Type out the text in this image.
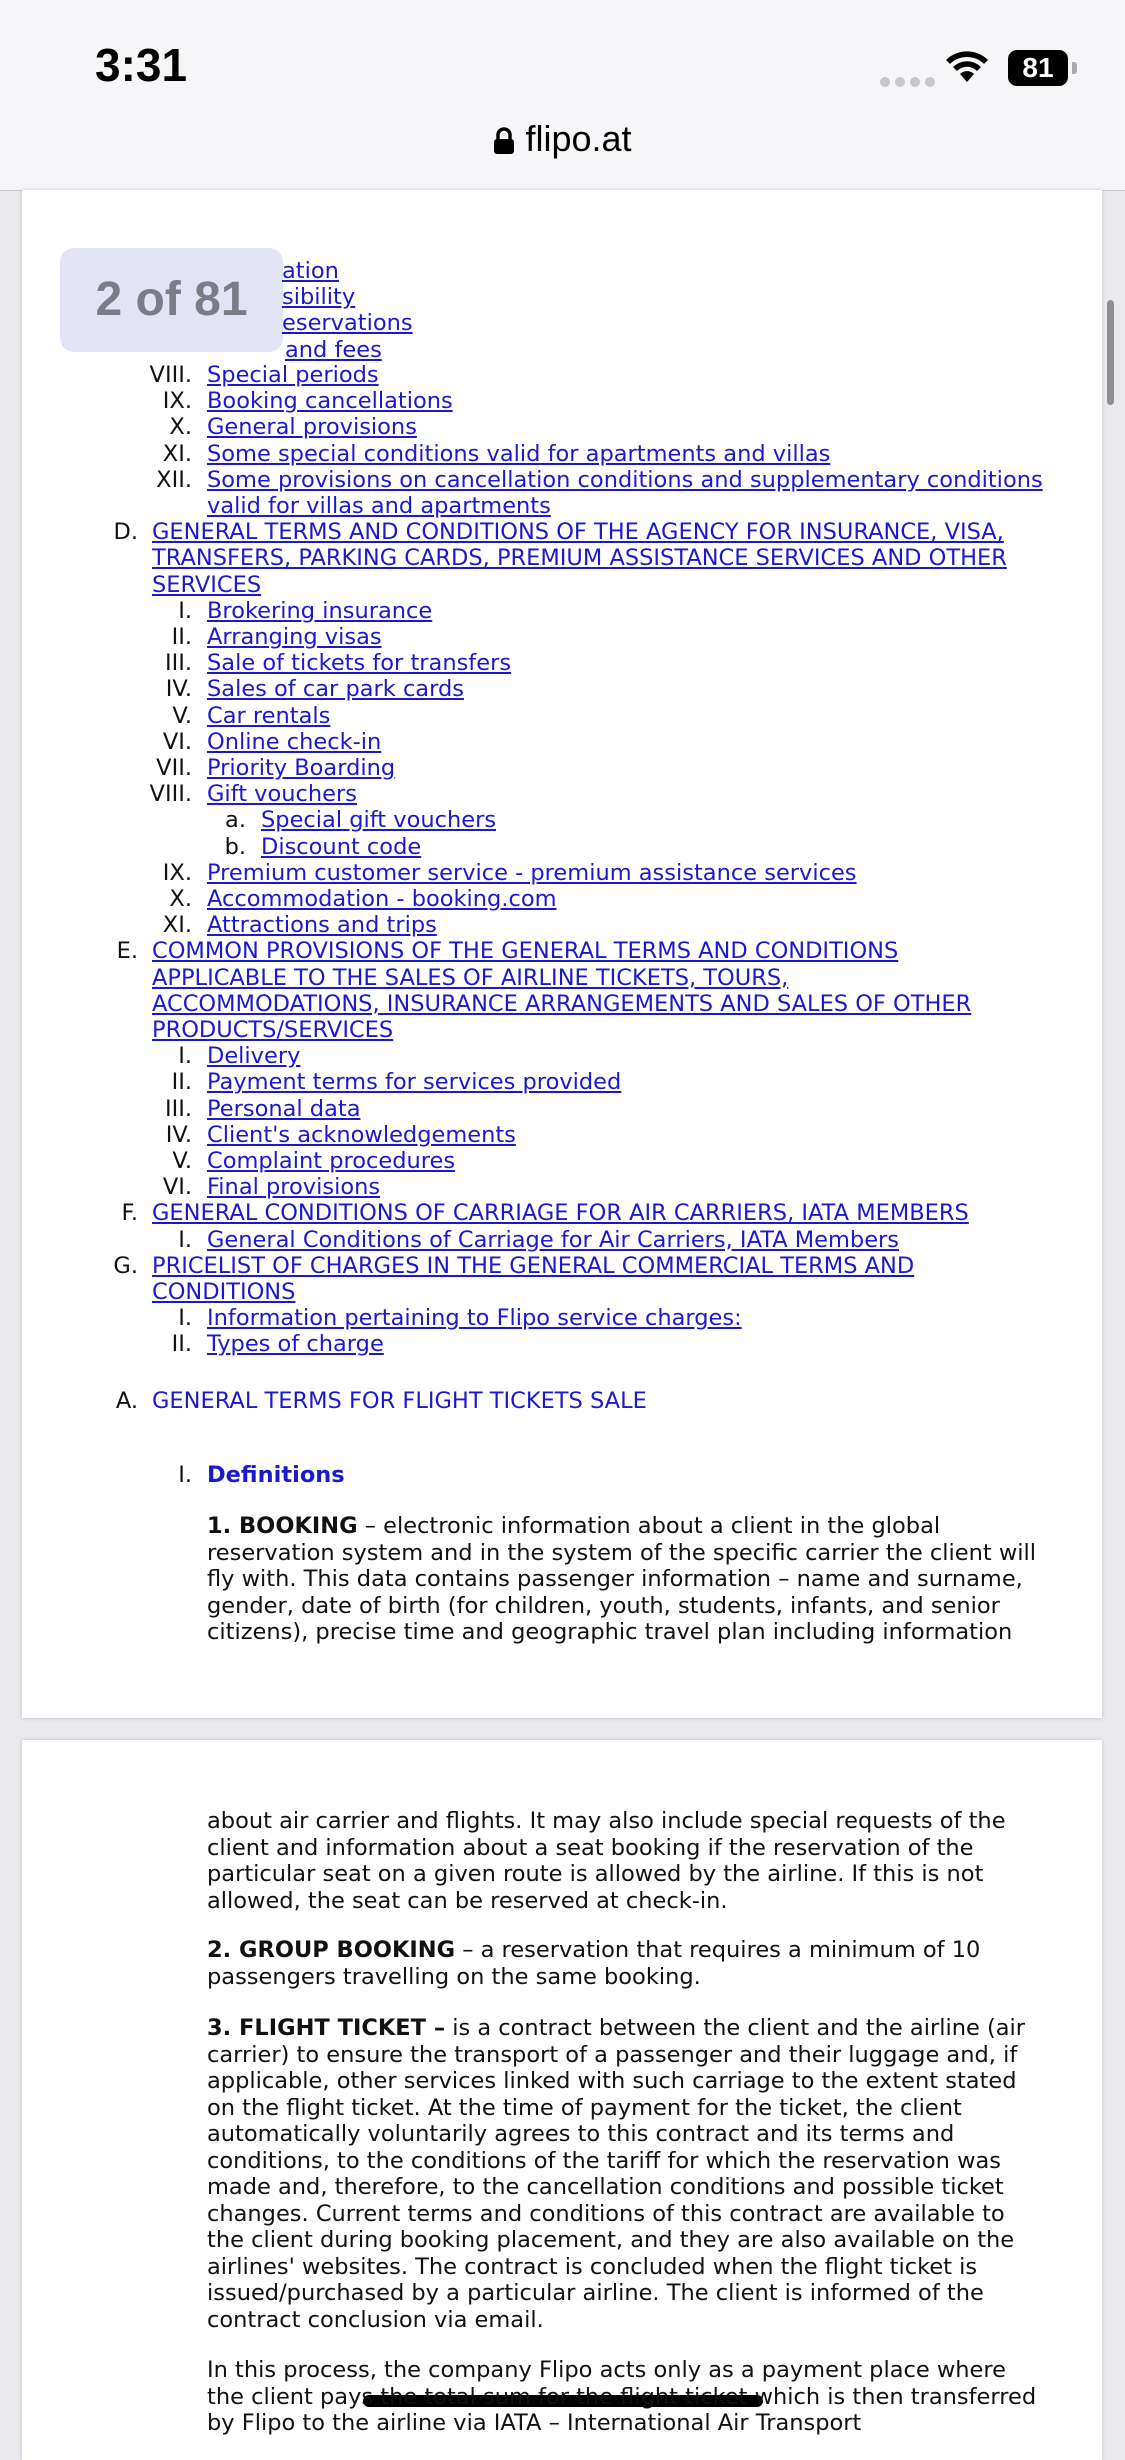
3:31	81
flipo.at
2 of 81
ation
sibility
eservations
and fees
VIII. Special periods
IX. Booking cancellations
X. General provisions
XI. Some special conditions valid for apartments and villas
XII. Some provisions on cancellation conditions and supplementary conditions
valid for villas and apartments
D. GENERAL TERMS AND CONDITIONS OF THE AGENCY FOR INSURANCE, VISA,
TRANSFERS, PARKING CARDS, PREMIUM ASSISTANCE SERVICES AND OTHER
SERVICES
I. Brokering insurance
II. Arranging visas
III. Sale of tickets for transfers
IV. Sales of car park cards
V. Car rentals
VI. Online check-in
VII. Priority Boarding
VIII. Gift vouchers
a. Special gift vouchers
b. Discount code
IX. Premium customer service - premium assistance services
X. Accommodation - booking.com
XI. Attractions and trips
E. COMMON PROVISIONS OF THE GENERAL TERMS AND CONDITIONS
APPLICABLE TO THE SALES OF AIRLINE TICKETS, TOURS,
ACCOMMODATIONS, INSURANCE ARRANGEMENTS AND SALES OF OTHER
PRODUCTS/SERVICES
I. Delivery
II. Payment terms for services provided
III. Personal data
IV. Client's acknowledgements
V. Complaint procedures
VI. Final provisions
F. GENERAL CONDITIONS OF CARRIAGE FOR AIR CARRIERS, IATA MEMBERS
I. General Conditions of Carriage for Air Carriers, IATA Members
G. PRICELIST OF CHARGES IN THE GENERAL COMMERCIAL TERMS AND
CONDITIONS
I. Information pertaining to Flipo service charges:
II. Types of charge
A. GENERAL TERMS FOR FLIGHT TICKETS SALE
I. Definitions
1. BOOKING – electronic information about a client in the global
reservation system and in the system of the specific carrier the client will
fly with. This data contains passenger information – name and surname,
gender, date of birth (for children, youth, students, infants, and senior
citizens), precise time and geographic travel plan including information
about air carrier and flights. It may also include special requests of the
client and information about a seat booking if the reservation of the
particular seat on a given route is allowed by the airline. If this is not
allowed, the seat can be reserved at check-in.
2. GROUP BOOKING – a reservation that requires a minimum of 10
passengers travelling on the same booking.
3. FLIGHT TICKET – is a contract between the client and the airline (air
carrier) to ensure the transport of a passenger and their luggage and, if
applicable, other services linked with such carriage to the extent stated
on the flight ticket. At the time of payment for the ticket, the client
automatically voluntarily agrees to this contract and its terms and
conditions, to the conditions of the tariff for which the reservation was
made and, therefore, to the cancellation conditions and possible ticket
changes. Current terms and conditions of this contract are available to
the client during booking placement, and they are also available on the
airlines' websites. The contract is concluded when the flight ticket is
issued/purchased by a particular airline. The client is informed of the
contract conclusion via email.
In this process, the company Flipo acts only as a payment place where
the client pays the total sum for the flight ticket which is then transferred
by Flipo to the airline via IATA – International Air Transport
